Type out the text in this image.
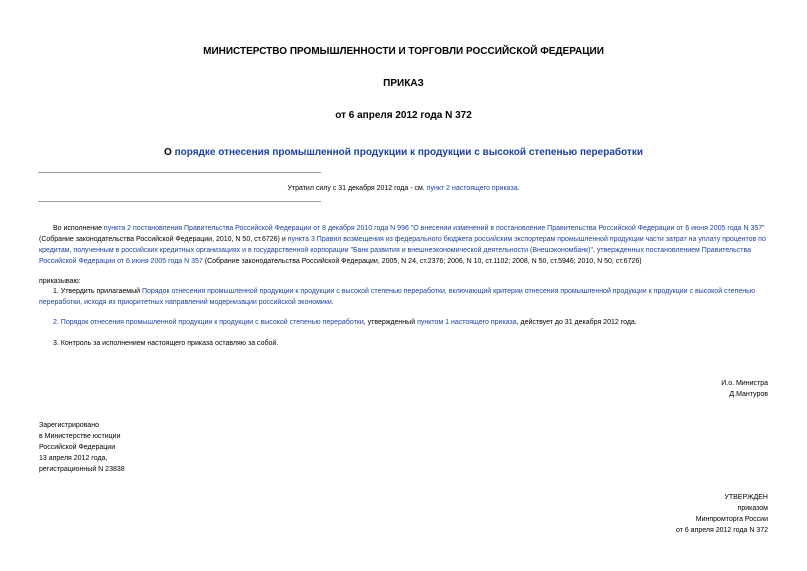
МИНИСТЕРСТВО ПРОМЫШЛЕННОСТИ И ТОРГОВЛИ РОССИЙСКОЙ ФЕДЕРАЦИИ
ПРИКАЗ
от 6 апреля 2012 года N 372
О порядке отнесения промышленной продукции к продукции с высокой степенью переработки
Утратил силу с 31 декабря 2012 года - см. пункт 2 настоящего приказа.
Во исполнение пункта 2 постановления Правительства Российской Федерации от 8 декабря 2010 года N 996 "О внесении изменений в постановление Правительства Российской Федерации от 6 июня 2005 года N 357" (Собрание законодательства Российской Федерации, 2010, N 50, ст.6726) и пункта 3 Правил возмещения из федерального бюджета российским экспортерам промышленной продукции части затрат на уплату процентов по кредитам, полученным в российских кредитных организациях и в государственной корпорации "Банк развития и внешнеэкономической деятельности (Внешэкономбанк)", утвержденных постановлением Правительства Российской Федерации от 6 июня 2005 года N 357 (Собрание законодательства Российской Федерации, 2005, N 24, ст.2376; 2006, N 10, ст.1102; 2008, N 50, ст.5946; 2010, N 50, ст.6726)
приказываю:
1. Утвердить прилагаемый Порядок отнесения промышленной продукции к продукции с высокой степенью переработки, включающий критерии отнесения промышленной продукции к продукции с высокой степенью переработки, исходя из приоритетных направлений модернизации российской экономики.
2. Порядок отнесения промышленной продукции к продукции с высокой степенью переработки, утвержденный пунктом 1 настоящего приказа, действует до 31 декабря 2012 года.
3. Контроль за исполнением настоящего приказа оставляю за собой.
И.о. Министра
Д.Мантуров
Зарегистрировано
в Министерстве юстиции
Российской Федерации
13 апреля 2012 года,
регистрационный N 23838
УТВЕРЖДЕН
приказом
Минпромторга России
от 6 апреля 2012 года N 372
